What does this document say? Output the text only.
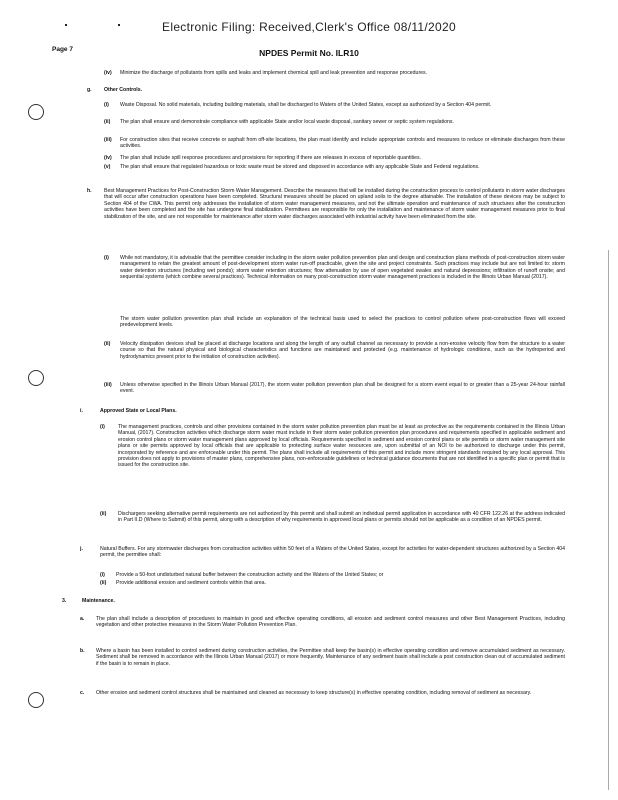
Electronic Filing: Received,Clerk's Office 08/11/2020
Page 7	NPDES Permit No. ILR10
(iv) Minimize the discharge of pollutants from spills and leaks and implement chemical spill and leak prevention and response procedures.
g. Other Controls.
(i) Waste Disposal. No solid materials, including building materials, shall be discharged to Waters of the United States, except as authorized by a Section 404 permit.
(ii) The plan shall ensure and demonstrate compliance with applicable State and/or local waste disposal, sanitary sewer or septic system regulations.
(iii) For construction sites that receive concrete or asphalt from off-site locations, the plan must identify and include appropriate controls and measures to reduce or eliminate discharges from these activities.
(iv) The plan shall include spill response procedures and provisions for reporting if there are releases in excess of reportable quantities.
(v) The plan shall ensure that regulated hazardous or toxic waste must be stored and disposed in accordance with any applicable State and Federal regulations.
h. Best Management Practices for Post-Construction Storm Water Management. Describe the measures that will be installed during the construction process to control pollutants in storm water discharges that will occur after construction operations have been completed. Structural measures should be placed on upland soils to the degree attainable. The installation of these devices may be subject to Section 404 of the CWA. This permit only addresses the installation of storm water management measures, and not the ultimate operation and maintenance of such structures after the construction activities have been completed and the site has undergone final stabilization. Permittees are responsible for only the installation and maintenance of storm water management measures prior to final stabilization of the site, and are not responsible for maintenance after storm water discharges associated with industrial activity have been eliminated from the site.
(i) While not mandatory, it is advisable that the permittee consider including in the storm water pollution prevention plan and design and construction plans methods of post-construction storm water management to retain the greatest amount of post-development storm water run-off practicable, given the site and project constraints. Such practices may include but are not limited to: storm water detention structures (including wet ponds); storm water retention structures; flow attenuation by use of open vegetated swales and natural depressions; infiltration of runoff onsite; and sequential systems (which combine several practices). Technical information on many post-construction storm water management practices is included in the Illinois Urban Manual (2017).
The storm water pollution prevention plan shall include an explanation of the technical basis used to select the practices to control pollution where post-construction flows will exceed predevelopment levels.
(ii) Velocity dissipation devices shall be placed at discharge locations and along the length of any outfall channel as necessary to provide a non-erosive velocity flow from the structure to a water course so that the natural physical and biological characteristics and functions are maintained and protected (e.g. maintenance of hydrologic conditions, such as the hydroperiod and hydrodynamics present prior to the initiation of construction activities).
(iii) Unless otherwise specified in the Illinois Urban Manual (2017), the storm water pollution prevention plan shall be designed for a storm event equal to or greater than a 25-year 24-hour rainfall event.
i.	Approved State or Local Plans.
(i)	The management practices, controls and other provisions contained in the storm water pollution prevention plan must be at least as protective as the requirements contained in the Illinois Urban Manual, (2017). Construction activities which discharge storm water must include in their storm water pollution prevention plan procedures and requirements specified in applicable sediment and erosion control plans or storm water management plans approved by local officials. Requirements specified in sediment and erosion control plans or site permits or storm water management site plans or site permits approved by local officials that are applicable to protecting surface water resources are, upon submittal of an NOI to be authorized to discharge under this permit, incorporated by reference and are enforceable under this permit. The plans shall include all requirements of this permit and include more stringent standards required by any local approval. This provision does not apply to provisions of master plans, comprehensive plans, non-enforceable guidelines or technical guidance documents that are not identified in a specific plan or permit that is issued for the construction site.
(ii) Dischargers seeking alternative permit requirements are not authorized by this permit and shall submit an individual permit application in accordance with 40 CFR 122.26 at the address indicated in Part II.D (Where to Submit) of this permit, along with a description of why requirements in approved local plans or permits should not be applicable as a condition of an NPDES permit.
j.	Natural Buffers. For any stormwater discharges from construction activities within 50 feet of a Waters of the United States, except for activities for water-dependent structures authorized by a Section 404 permit, the permittee shall:
(i) Provide a 50-foot undisturbed natural buffer between the construction activity and the Waters of the United States; or
(ii) Provide additional erosion and sediment controls within that area.
3.	Maintenance.
a. The plan shall include a description of procedures to maintain in good and effective operating conditions, all erosion and sediment control measures and other Best Management Practices, including vegetation and other protective measures in the Storm Water Pollution Prevention Plan.
b. Where a basin has been installed to control sediment during construction activities, the Permittee shall keep the basin(s) in effective operating condition and remove accumulated sediment as necessary. Sediment shall be removed in accordance with the Illinois Urban Manual (2017) or more frequently. Maintenance of any sediment basin shall include a post construction clean out of accumulated sediment if the basin is to remain in place.
c. Other erosion and sediment control structures shall be maintained and cleaned as necessary to keep structure(s) in effective operating condition, including removal of sediment as necessary.
